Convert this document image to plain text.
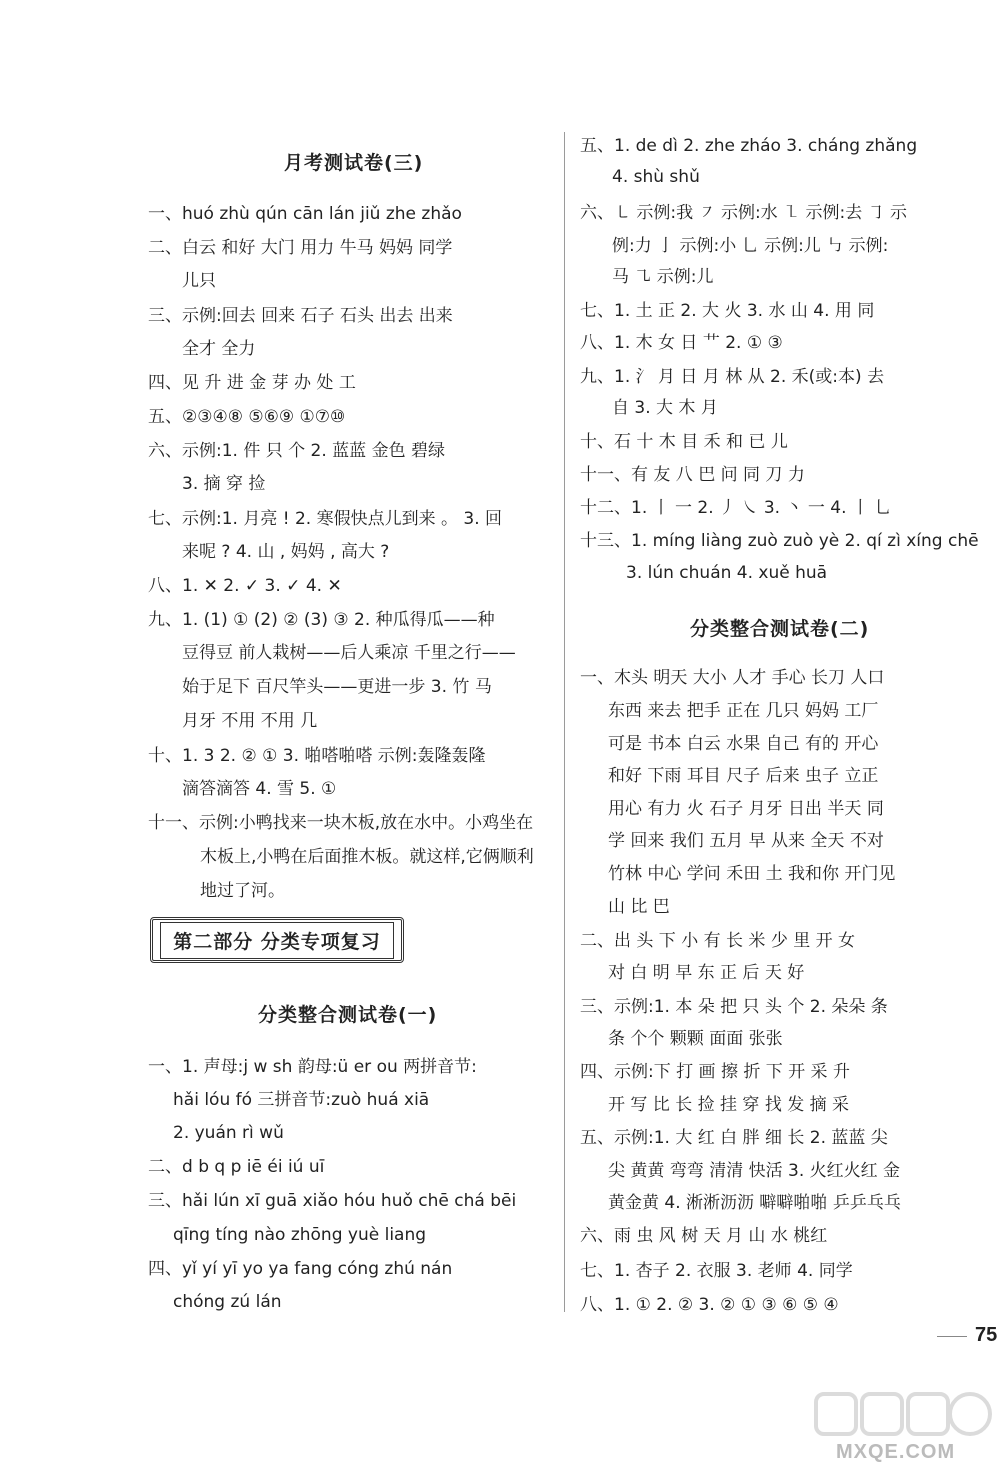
月考测试卷(三)
一、huó zhù qún cān lán jiǔ zhe zhǎo
二、白云 和好 大门 用力 牛马 妈妈 同学
儿只
三、示例:回去 回来 石子 石头 出去 出来
全才 全力
四、见 升 进 金 芽 办 处 工
五、②③④⑧ ⑤⑥⑨ ①⑦⑩
六、示例:1. 件 只 个 2. 蓝蓝 金色 碧绿
3. 摘 穿 捡
七、示例:1. 月亮 ! 2. 寒假快点儿到来 。 3. 回
来呢 ? 4. 山 , 妈妈 , 高大 ?
八、1. ✕ 2. ✓ 3. ✓ 4. ✕
九、1. (1) ① (2) ② (3) ③ 2. 种瓜得瓜——种
豆得豆 前人栽树——后人乘凉 千里之行——
始于足下 百尺竿头——更进一步 3. 竹 马
月牙 不用 不用 几
十、1. 3 2. ② ① 3. 啪嗒啪嗒 示例:轰隆轰隆
滴答滴答 4. 雪 5. ①
十一、示例:小鸭找来一块木板,放在水中。小鸡坐在
木板上,小鸭在后面推木板。就这样,它俩顺利
地过了河。
第二部分 分类专项复习
分类整合测试卷(一)
一、1. 声母:j w sh 韵母:ü er ou 两拼音节:
hǎi lóu fó 三拼音节:zuò huá xiā
2. yuán rì wǔ
二、d b q p iē éi iú uī
三、hǎi lún xī guā xiǎo hóu huǒ chē chá bēi
qīng tíng nào zhōng yuè liang
四、yǐ yí yī yo ya fang cóng zhú nán
chóng zú lán
五、1. de dì 2. zhe zháo 3. cháng zhǎng
4. shù shǔ
六、㇄ 示例:我 ㇇ 示例:水 ㇅ 示例:去 ㇆ 示
例:力 亅 示例:小 乚 示例:儿 ㇉ 示例:
马 ㇈ 示例:儿
七、1. 土 正 2. 大 火 3. 水 山 4. 用 同
八、1. 木 女 日 艹 2. ① ③
九、1. 氵 月 日 月 林 从 2. 禾(或:本) 去
自 3. 大 木 月
十、石 十 木 目 禾 和 已 儿
十一、有 友 八 巴 问 同 刀 力
十二、1. 丨 一 2. 丿 ㇏ 3. 丶 一 4. 丨 乚
十三、1. míng liàng zuò zuò yè 2. qí zì xíng chē
3. lún chuán 4. xuě huā
分类整合测试卷(二)
一、木头 明天 大小 人才 手心 长刀 人口
东西 来去 把手 正在 几只 妈妈 工厂
可是 书本 白云 水果 自己 有的 开心
和好 下雨 耳目 尺子 后来 虫子 立正
用心 有力 火 石子 月牙 日出 半天 同
学 回来 我们 五月 早 从来 全天 不对
竹林 中心 学问 禾田 土 我和你 开门见
山 比 巴
二、出 头 下 小 有 长 米 少 里 开 女
对 白 明 早 东 正 后 天 好
三、示例:1. 本 朵 把 只 头 个 2. 朵朵 条
条 个个 颗颗 面面 张张
四、示例:下 打 画 擦 折 下 开 采 升
开 写 比 长 捡 挂 穿 找 发 摘 采
五、示例:1. 大 红 白 胖 细 长 2. 蓝蓝 尖
尖 黄黄 弯弯 清清 快活 3. 火红火红 金
黄金黄 4. 淅淅沥沥 噼噼啪啪 乒乒乓乓
六、雨 虫 风 树 天 月 山 水 桃红
七、1. 杏子 2. 衣服 3. 老师 4. 同学
八、1. ① 2. ② 3. ② ① ③ ⑥ ⑤ ④
75
MXQE.COM
